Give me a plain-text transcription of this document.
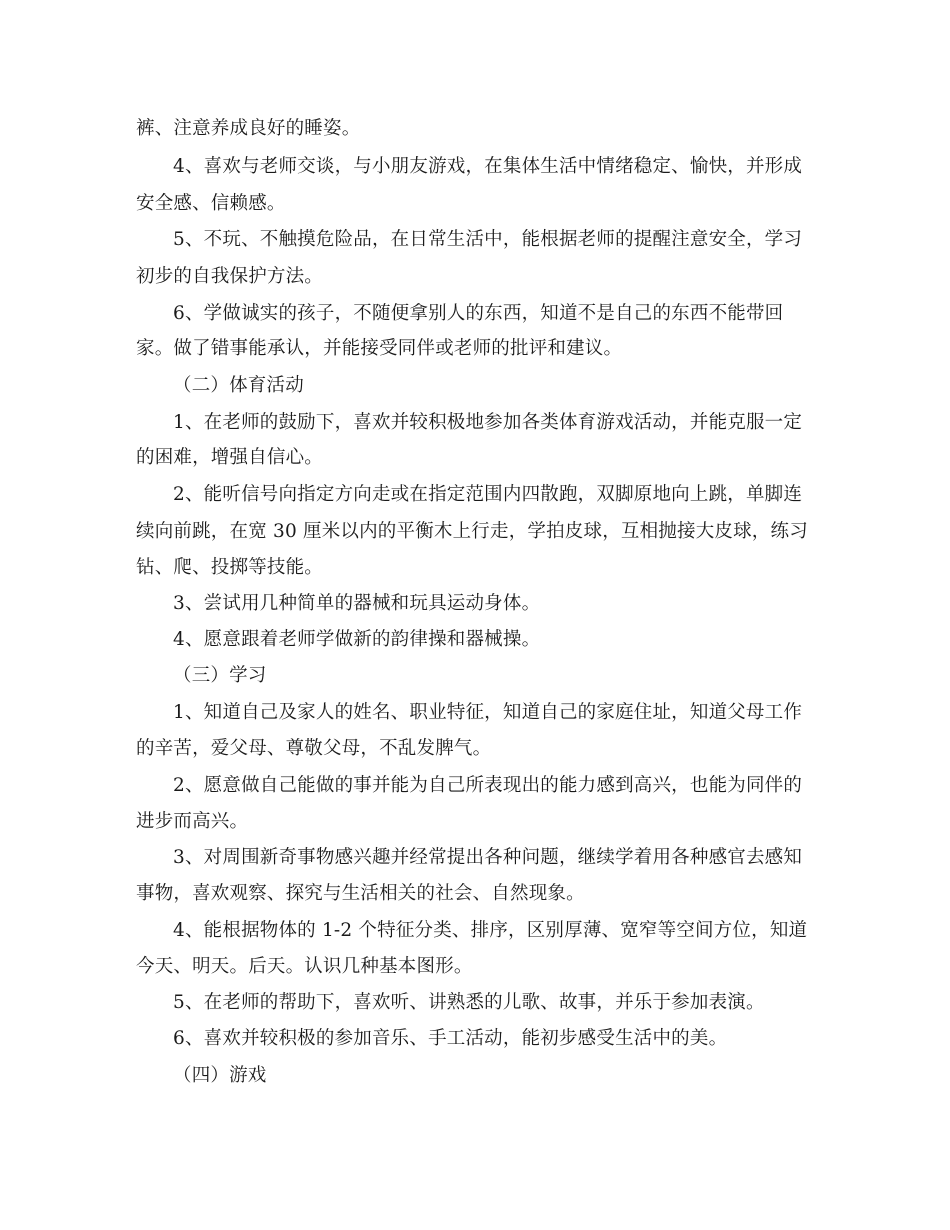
裤、注意养成良好的睡姿。
4、喜欢与老师交谈，与小朋友游戏，在集体生活中情绪稳定、愉快，并形成
安全感、信赖感。
5、不玩、不触摸危险品，在日常生活中，能根据老师的提醒注意安全，学习
初步的自我保护方法。
6、学做诚实的孩子，不随便拿别人的东西，知道不是自己的东西不能带回
家。做了错事能承认，并能接受同伴或老师的批评和建议。
（二）体育活动
1、在老师的鼓励下，喜欢并较积极地参加各类体育游戏活动，并能克服一定
的困难，增强自信心。
2、能听信号向指定方向走或在指定范围内四散跑，双脚原地向上跳，单脚连
续向前跳，在宽 30 厘米以内的平衡木上行走，学拍皮球，互相抛接大皮球，练习
钻、爬、投掷等技能。
3、尝试用几种简单的器械和玩具运动身体。
4、愿意跟着老师学做新的韵律操和器械操。
（三）学习
1、知道自己及家人的姓名、职业特征，知道自己的家庭住址，知道父母工作
的辛苦，爱父母、尊敬父母，不乱发脾气。
2、愿意做自己能做的事并能为自己所表现出的能力感到高兴，也能为同伴的
进步而高兴。
3、对周围新奇事物感兴趣并经常提出各种问题，继续学着用各种感官去感知
事物，喜欢观察、探究与生活相关的社会、自然现象。
4、能根据物体的 1-2 个特征分类、排序，区别厚薄、宽窄等空间方位，知道
今天、明天。后天。认识几种基本图形。
5、在老师的帮助下，喜欢听、讲熟悉的儿歌、故事，并乐于参加表演。
6、喜欢并较积极的参加音乐、手工活动，能初步感受生活中的美。
（四）游戏
